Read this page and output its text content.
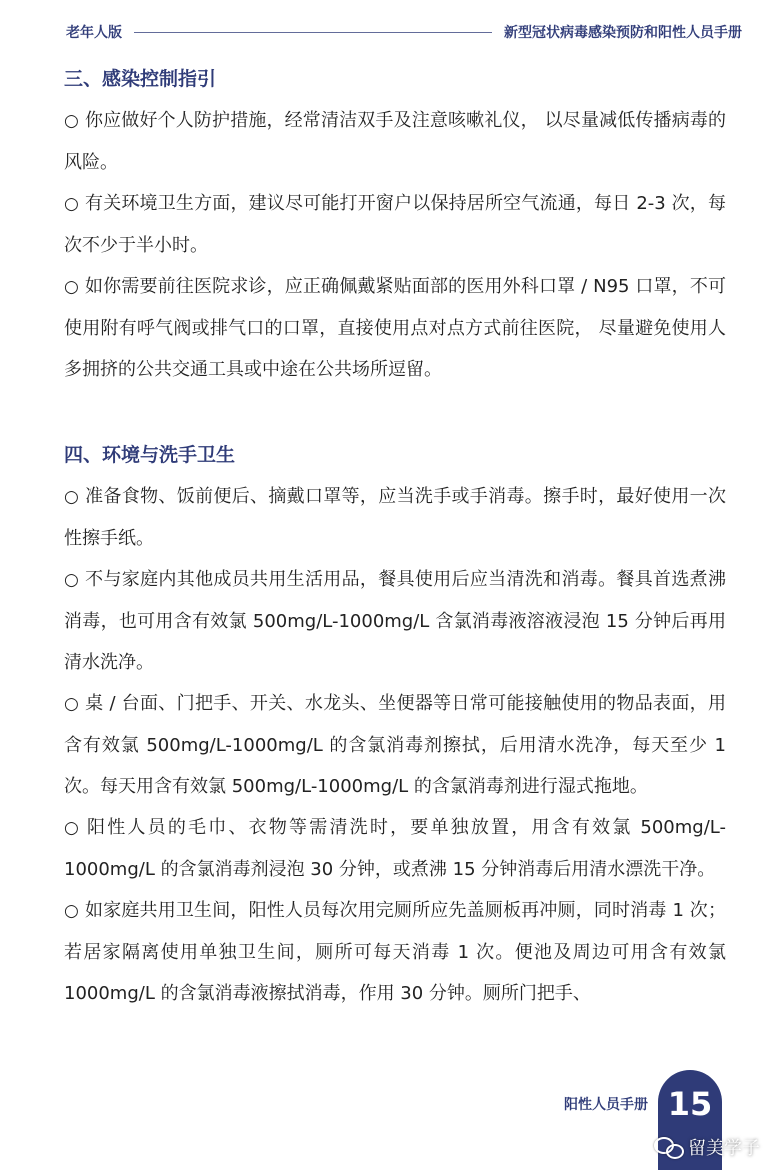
老年人版	新型冠状病毒感染预防和阳性人员手册
三、感染控制指引

○ 你应做好个人防护措施，经常清洁双手及注意咳嗽礼仪， 以尽量减低传播病毒的风险。

○ 有关环境卫生方面，建议尽可能打开窗户以保持居所空气流通，每日 2-3 次，每次不少于半小时。

○ 如你需要前往医院求诊，应正确佩戴紧贴面部的医用外科口罩 / N95 口罩，不可使用附有呼气阀或排气口的口罩，直接使用点对点方式前往医院， 尽量避免使用人多拥挤的公共交通工具或中途在公共场所逗留。

四、环境与洗手卫生

○ 准备食物、饭前便后、摘戴口罩等，应当洗手或手消毒。擦手时，最好使用一次性擦手纸。

○ 不与家庭内其他成员共用生活用品，餐具使用后应当清洗和消毒。餐具首选煮沸消毒，也可用含有效氯 500mg/L-1000mg/L 含氯消毒液溶液浸泡 15 分钟后再用清水洗净。

○ 桌 / 台面、门把手、开关、水龙头、坐便器等日常可能接触使用的物品表面，用含有效氯 500mg/L-1000mg/L 的含氯消毒剂擦拭，后用清水洗净，每天至少 1 次。每天用含有效氯 500mg/L-1000mg/L 的含氯消毒剂进行湿式拖地。

○ 阳性人员的毛巾、衣物等需清洗时，要单独放置，用含有效氯 500mg/L-1000mg/L 的含氯消毒剂浸泡 30 分钟，或煮沸 15 分钟消毒后用清水漂洗干净。

○ 如家庭共用卫生间，阳性人员每次用完厕所应先盖厕板再冲厕，同时消毒 1 次；若居家隔离使用单独卫生间，厕所可每天消毒 1 次。便池及周边可用含有效氯 1000mg/L 的含氯消毒液擦拭消毒，作用 30 分钟。厕所门把手、

阳性人员手册 15
留美学子
